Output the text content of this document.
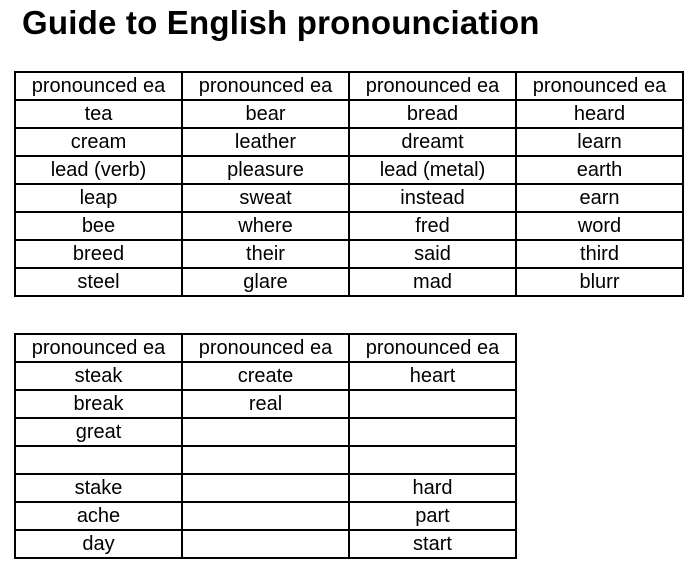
Guide to English pronounciation
pronounced ea	pronounced ea	pronounced ea	pronounced ea
tea	bear	bread	heard
cream	leather	dreamt	learn
lead (verb)	pleasure	lead (metal)	earth
leap	sweat	instead	earn
bee	where	fred	word
breed	their	said	third
steel	glare	mad	blurr
pronounced ea	pronounced ea	pronounced ea
steak	create	heart
break	real	
great		

stake		hard
ache		part
day		start
